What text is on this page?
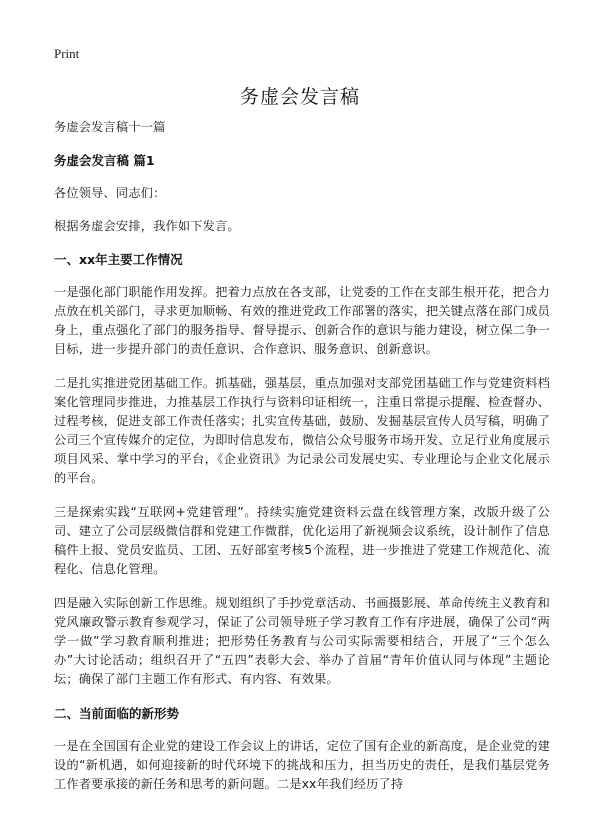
Print
务虚会发言稿

务虚会发言稿十一篇

务虚会发言稿 篇1

各位领导、同志们：

根据务虚会安排，我作如下发言。

一、xx年主要工作情况

一是强化部门职能作用发挥。把着力点放在各支部，让党委的工作在支部生根开花，把合力点放在机关部门，寻求更加顺畅、有效的推进党政工作部署的落实，把关键点落在部门成员身上，重点强化了部门的服务指导、督导提示、创新合作的意识与能力建设，树立保二争一目标，进一步提升部门的责任意识、合作意识、服务意识、创新意识。

二是扎实推进党团基础工作。抓基础，强基层，重点加强对支部党团基础工作与党建资料档案化管理同步推进，力推基层工作执行与资料印证相统一，注重日常提示提醒、检查督办、过程考核，促进支部工作责任落实；扎实宣传基础，鼓励、发掘基层宣传人员写稿，明确了公司三个宣传媒介的定位，为即时信息发布，微信公众号服务市场开发、立足行业角度展示项目风采、掌中学习的平台，《企业资讯》为记录公司发展史实、专业理论与企业文化展示的平台。

三是探索实践“互联网+党建管理”。持续实施党建资料云盘在线管理方案，改版升级了公司、建立了公司层级微信群和党建工作微群，优化运用了新视频会议系统，设计制作了信息稿件上报、党员安监员、工团、五好部室考核5个流程，进一步推进了党建工作规范化、流程化、信息化管理。

四是融入实际创新工作思维。规划组织了手抄党章活动、书画摄影展、革命传统主义教育和党风廉政警示教育参观学习，保证了公司领导班子学习教育工作有序进展，确保了公司“两学一做”学习教育顺利推进；把形势任务教育与公司实际需要相结合，开展了“三个怎么办”大讨论活动；组织召开了“五四”表彰大会、举办了首届“青年价值认同与体现”主题论坛；确保了部门主题工作有形式、有内容、有效果。

二、当前面临的新形势

一是在全国国有企业党的建设工作会议上的讲话，定位了国有企业的新高度，是企业党的建设的“新机遇，如何迎接新的时代环境下的挑战和压力，担当历史的责任，是我们基层党务工作者要承接的新任务和思考的新问题。二是xx年我们经历了持
